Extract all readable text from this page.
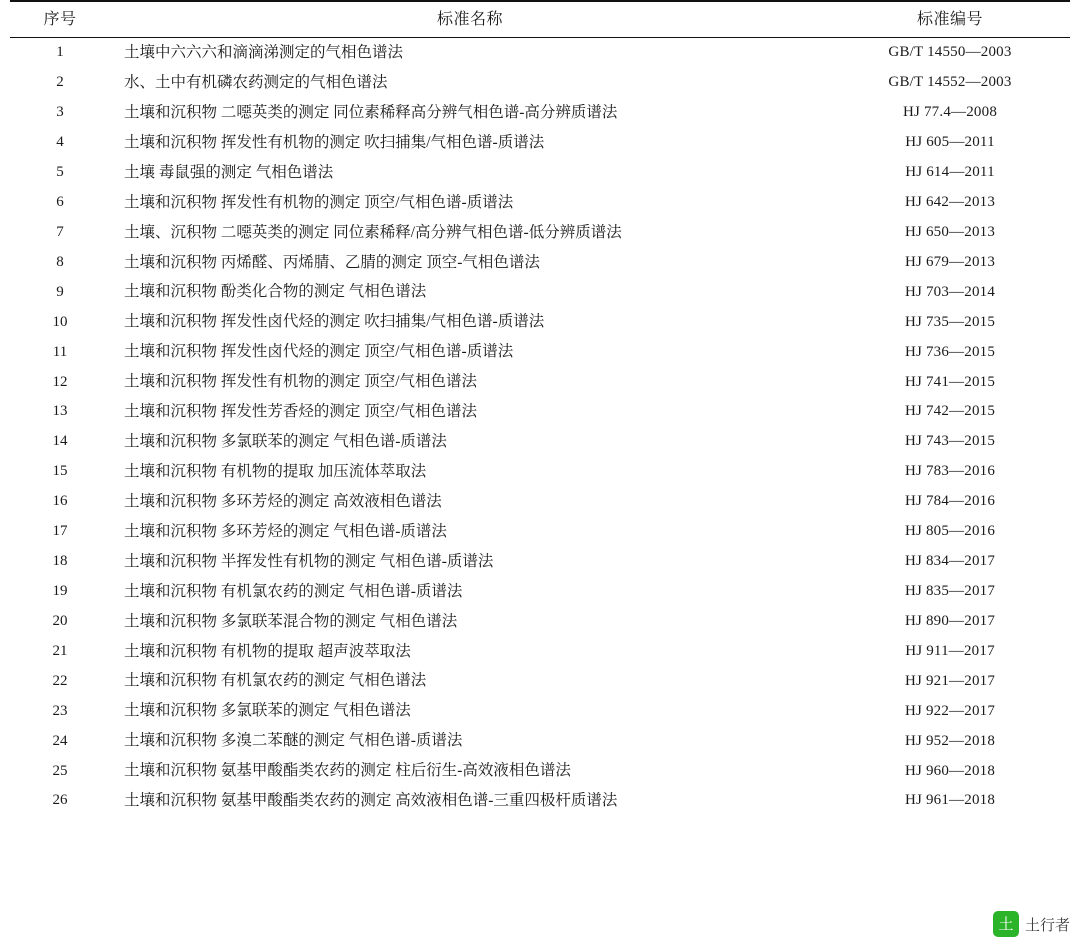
序号	标准名称	标准编号
1	土壤中六六六和滴滴涕测定的气相色谱法	GB/T 14550—2003
2	水、土中有机磷农药测定的气相色谱法	GB/T 14552—2003
3	土壤和沉积物 二噁英类的测定 同位素稀释高分辨气相色谱-高分辨质谱法	HJ 77.4—2008
4	土壤和沉积物 挥发性有机物的测定 吹扫捕集/气相色谱-质谱法	HJ 605—2011
5	土壤 毒鼠强的测定 气相色谱法	HJ 614—2011
6	土壤和沉积物 挥发性有机物的测定 顶空/气相色谱-质谱法	HJ 642—2013
7	土壤、沉积物 二噁英类的测定 同位素稀释/高分辨气相色谱-低分辨质谱法	HJ 650—2013
8	土壤和沉积物 丙烯醛、丙烯腈、乙腈的测定 顶空-气相色谱法	HJ 679—2013
9	土壤和沉积物 酚类化合物的测定 气相色谱法	HJ 703—2014
10	土壤和沉积物 挥发性卤代烃的测定 吹扫捕集/气相色谱-质谱法	HJ 735—2015
11	土壤和沉积物 挥发性卤代烃的测定 顶空/气相色谱-质谱法	HJ 736—2015
12	土壤和沉积物 挥发性有机物的测定 顶空/气相色谱法	HJ 741—2015
13	土壤和沉积物 挥发性芳香烃的测定 顶空/气相色谱法	HJ 742—2015
14	土壤和沉积物 多氯联苯的测定 气相色谱-质谱法	HJ 743—2015
15	土壤和沉积物 有机物的提取 加压流体萃取法	HJ 783—2016
16	土壤和沉积物 多环芳烃的测定 高效液相色谱法	HJ 784—2016
17	土壤和沉积物 多环芳烃的测定 气相色谱-质谱法	HJ 805—2016
18	土壤和沉积物 半挥发性有机物的测定 气相色谱-质谱法	HJ 834—2017
19	土壤和沉积物 有机氯农药的测定 气相色谱-质谱法	HJ 835—2017
20	土壤和沉积物 多氯联苯混合物的测定 气相色谱法	HJ 890—2017
21	土壤和沉积物 有机物的提取 超声波萃取法	HJ 911—2017
22	土壤和沉积物 有机氯农药的测定 气相色谱法	HJ 921—2017
23	土壤和沉积物 多氯联苯的测定 气相色谱法	HJ 922—2017
24	土壤和沉积物 多溴二苯醚的测定 气相色谱-质谱法	HJ 952—2018
25	土壤和沉积物 氨基甲酸酯类农药的测定 柱后衍生-高效液相色谱法	HJ 960—2018
26	土壤和沉积物 氨基甲酸酯类农药的测定 高效液相色谱-三重四极杆质谱法	HJ 961—2018
土 土行者
